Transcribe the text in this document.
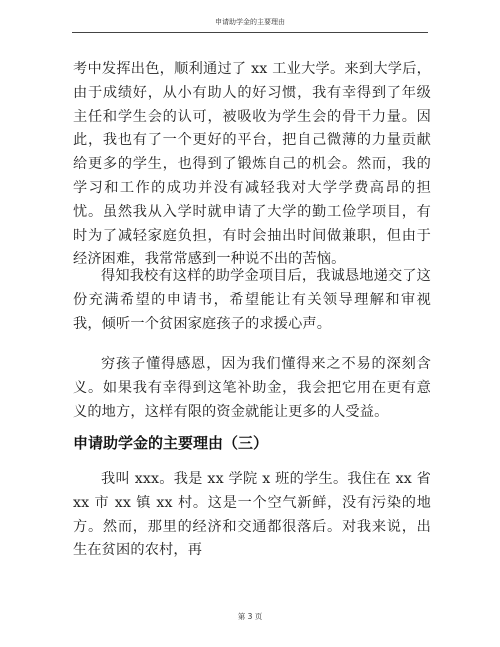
申请助学金的主要理由
考中发挥出色，顺利通过了 xx 工业大学。来到大学后，由于成绩好，从小有助人的好习惯，我有幸得到了年级主任和学生会的认可，被吸收为学生会的骨干力量。因此，我也有了一个更好的平台，把自己微薄的力量贡献给更多的学生，也得到了锻炼自己的机会。然而，我的学习和工作的成功并没有减轻我对大学学费高昂的担忧。虽然我从入学时就申请了大学的勤工俭学项目，有时为了减轻家庭负担，有时会抽出时间做兼职，但由于经济困难，我常常感到一种说不出的苦恼。
得知我校有这样的助学金项目后，我诚恳地递交了这份充满希望的申请书，希望能让有关领导理解和审视我，倾听一个贫困家庭孩子的求援心声。
穷孩子懂得感恩，因为我们懂得来之不易的深刻含义。如果我有幸得到这笔补助金，我会把它用在更有意义的地方，这样有限的资金就能让更多的人受益。
申请助学金的主要理由（三）
我叫 xxx。我是 xx 学院 x 班的学生。我住在 xx 省 xx 市 xx 镇 xx 村。这是一个空气新鲜，没有污染的地方。然而，那里的经济和交通都很落后。对我来说，出生在贫困的农村，再
第 3 页
